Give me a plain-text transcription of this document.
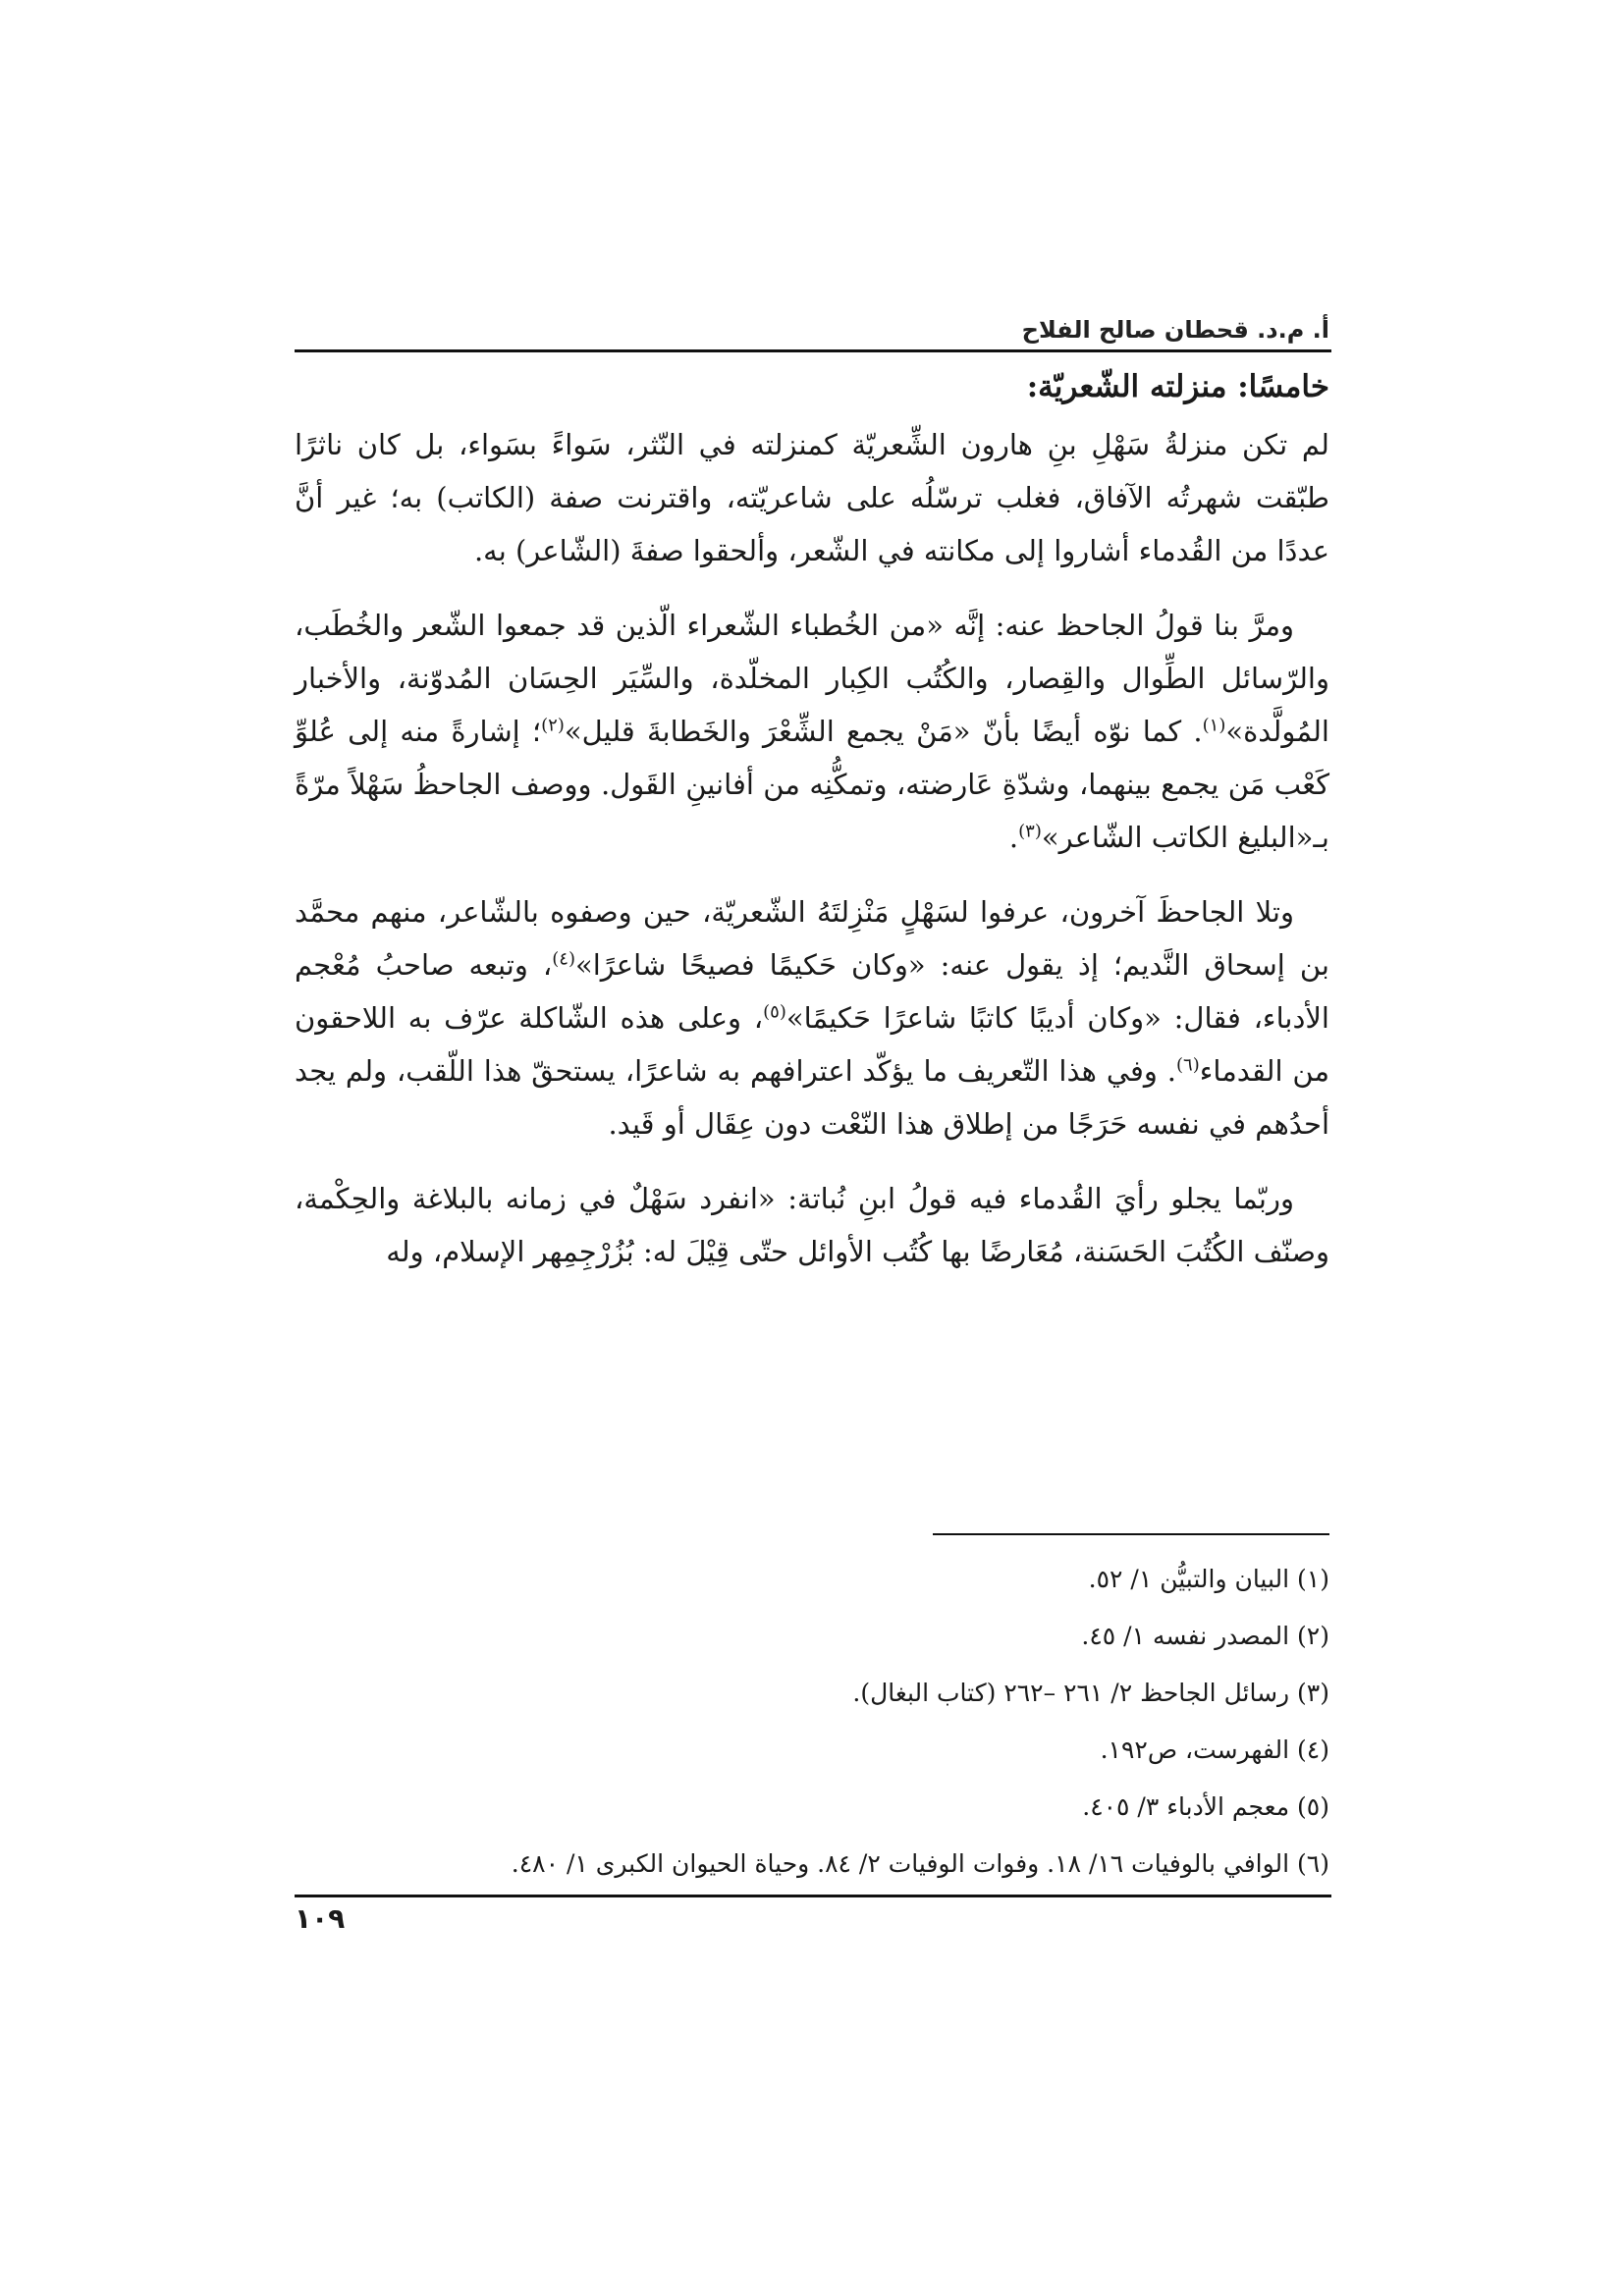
أ. م.د. قحطان صالح الفلاح
خامسًا: منزلته الشّعريّة:

لم تكن منزلةُ سَهْلِ بنِ هارون الشِّعريّة كمنزلته في النّثر، سَواءً بسَواء، بل كان ناثرًا طبّقت شهرتُه الآفاق، فغلب ترسّلُه على شاعريّته، واقترنت صفة (الكاتب) به؛ غير أنَّ عددًا من القُدماء أشاروا إلى مكانته في الشّعر، وألحقوا صفةَ (الشّاعر) به.

ومرَّ بنا قولُ الجاحظ عنه: إنَّه «من الخُطباء الشّعراء الّذين قد جمعوا الشّعر والخُطَب، والرّسائل الطِّوال والقِصار، والكُتُب الكِبار المخلّدة، والسِّيَر الحِسَان المُدوّنة، والأخبار المُولَّدة»$^{(١)}$. كما نوّه أيضًا بأنّ «مَنْ يجمع الشِّعْرَ والخَطابةَ قليل»$^{(٢)}$؛ إشارةً منه إلى عُلوِّ كَعْب مَن يجمع بينهما، وشدّةِ عَارضته، وتمكُّنِه من أفانينِ القَول. ووصف الجاحظُ سَهْلاً مرّةً بـ«البليغ الكاتب الشّاعر»$^{(٣)}$.

وتلا الجاحظَ آخرون، عرفوا لسَهْلٍ مَنْزِلتَهُ الشّعريّة، حين وصفوه بالشّاعر، منهم محمَّد بن إسحاق النَّديم؛ إذ يقول عنه: «وكان حَكيمًا فصيحًا شاعرًا»$^{(٤)}$، وتبعه صاحبُ مُعْجم الأدباء، فقال: «وكان أديبًا كاتبًا شاعرًا حَكيمًا»$^{(٥)}$، وعلى هذه الشّاكلة عرّف به اللاحقون من القدماء$^{(٦)}$. وفي هذا التّعريف ما يؤكّد اعترافهم به شاعرًا، يستحقّ هذا اللّقب، ولم يجد أحدُهم في نفسه حَرَجًا من إطلاق هذا النّعْت دون عِقَال أو قَيد.

وربّما يجلو رأيَ القُدماء فيه قولُ ابنِ نُباتة: «انفرد سَهْلٌ في زمانه بالبلاغة والحِكْمة، وصنّف الكُتُبَ الحَسَنة، مُعَارضًا بها كُتُب الأوائل حتّى قِيْلَ له: بُزُرْجِمِهر الإسلام، وله

(١) البيان والتبيُّن ١/ ٥٢.
(٢) المصدر نفسه ١/ ٤٥.
(٣) رسائل الجاحظ ٢/ ٢٦١ –٢٦٢ (كتاب البغال).
(٤) الفهرست، ص١٩٢.
(٥) معجم الأدباء ٣/ ٤٠٥.
(٦) الوافي بالوفيات ١٦/ ١٨. وفوات الوفيات ٢/ ٨٤. وحياة الحيوان الكبرى ١/ ٤٨٠.
١٠٩
